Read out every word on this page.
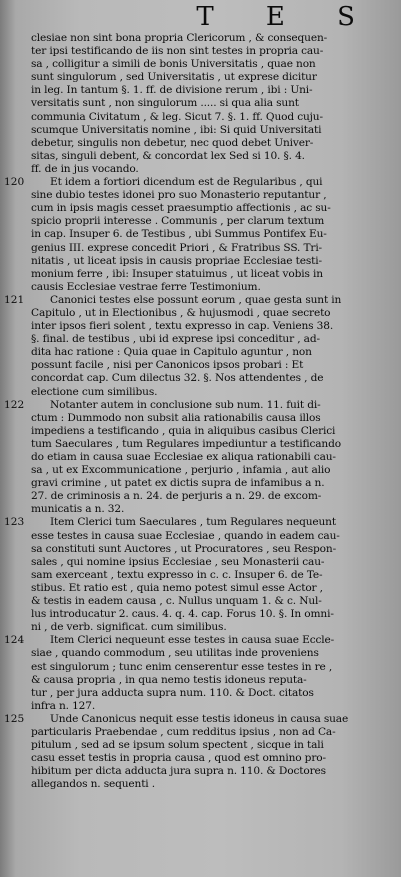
T E S
clesiae non sint bona propria Clericorum , & consequen-
ter ipsi testificando de iis non sint testes in propria cau-
sa , colligitur a simili de bonis Universitatis , quae non
sunt singulorum , sed Universitatis , ut exprese dicitur
in leg. In tantum §. 1. ff. de divisione rerum , ibi : Uni-
versitatis sunt , non singulorum ..... si qua alia sunt
communia Civitatum , & leg. Sicut 7. §. 1. ff. Quod cuju-
scumque Universitatis nomine , ibi: Si quid Universitati
debetur, singulis non debetur, nec quod debet Univer-
sitas, singuli debent, & concordat lex Sed si 10. §. 4.
ff. de in jus vocando.
120	Et idem a fortiori dicendum est de Regularibus , qui
sine dubio testes idonei pro suo Monasterio reputantur ,
cum in ipsis magis cesset praesumptio affectionis , ac su-
spicio proprii interesse . Communis , per clarum textum
in cap. Insuper 6. de Testibus , ubi Summus Pontifex Eu-
genius III. exprese concedit Priori , & Fratribus SS. Tri-
nitatis , ut liceat ipsis in causis propriae Ecclesiae testi-
monium ferre , ibi: Insuper statuimus , ut liceat vobis in
causis Ecclesiae vestrae ferre Testimonium.
121	Canonici testes else possunt eorum , quae gesta sunt in
Capitulo , ut in Electionibus , & hujusmodi , quae secreto
inter ipsos fieri solent , textu expresso in cap. Veniens 38.
§. final. de testibus , ubi id exprese ipsi conceditur , ad-
dita hac ratione : Quia quae in Capitulo aguntur , non
possunt facile , nisi per Canonicos ipsos probari : Et
concordat cap. Cum dilectus 32. §. Nos attendentes , de
electione cum similibus.
122	Notanter autem in conclusione sub num. 11. fuit di-
ctum : Dummodo non subsit alia rationabilis causa illos
impediens a testificando , quia in aliquibus casibus Clerici
tum Saeculares , tum Regulares impediuntur a testificando
do etiam in causa suae Ecclesiae ex aliqua rationabili cau-
sa , ut ex Excommunicatione , perjurio , infamia , aut alio
gravi crimine , ut patet ex dictis supra de infamibus a n.
27. de criminosis a n. 24. de perjuris a n. 29. de excom-
municatis a n. 32.
123	Item Clerici tum Saeculares , tum Regulares nequeunt
esse testes in causa suae Ecclesiae , quando in eadem cau-
sa constituti sunt Auctores , ut Procuratores , seu Respon-
sales , qui nomine ipsius Ecclesiae , seu Monasterii cau-
sam exerceant , textu expresso in c. c. Insuper 6. de Te-
stibus. Et ratio est , quia nemo potest simul esse Actor ,
& testis in eadem causa , c. Nullus unquam 1. & c. Nul-
lus introducatur 2. caus. 4. q. 4. cap. Forus 10. §. In omni-
ni , de verb. significat. cum similibus.
124	Item Clerici nequeunt esse testes in causa suae Eccle-
siae , quando commodum , seu utilitas inde proveniens
est singulorum ; tunc enim censerentur esse testes in re ,
& causa propria , in qua nemo testis idoneus reputa-
tur , per jura adducta supra num. 110. & Doct. citatos
infra n. 127.
125	Unde Canonicus nequit esse testis idoneus in causa suae
particularis Praebendae , cum redditus ipsius , non ad Ca-
pitulum , sed ad se ipsum solum spectent , sicque in tali
casu esset testis in propria causa , quod est omnino pro-
hibitum per dicta adducta jura supra n. 110. & Doctores
allegandos n. sequenti .
